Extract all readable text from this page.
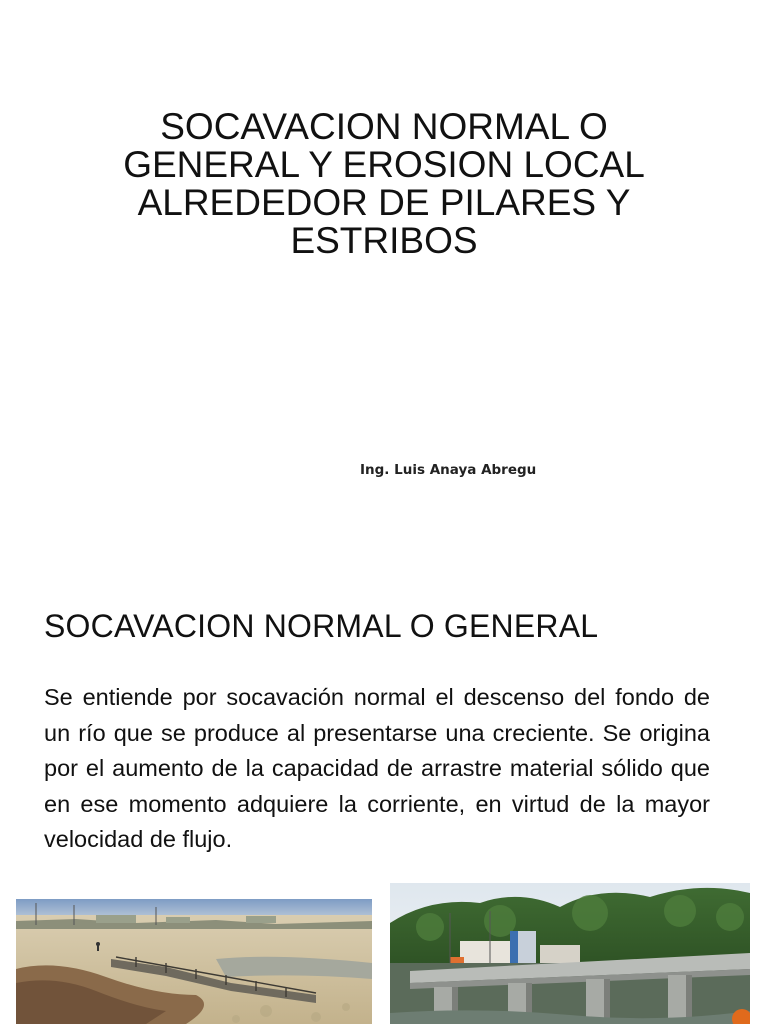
SOCAVACION NORMAL O
GENERAL Y EROSION LOCAL
ALREDEDOR DE PILARES Y
ESTRIBOS
Ing. Luis Anaya Abregu
SOCAVACION NORMAL O GENERAL

Se entiende por socavación normal el descenso del fondo de un río que se produce al presentarse una creciente. Se origina por el aumento de la capacidad de arrastre material sólido que en ese momento adquiere la corriente, en virtud de la mayor velocidad de flujo.
